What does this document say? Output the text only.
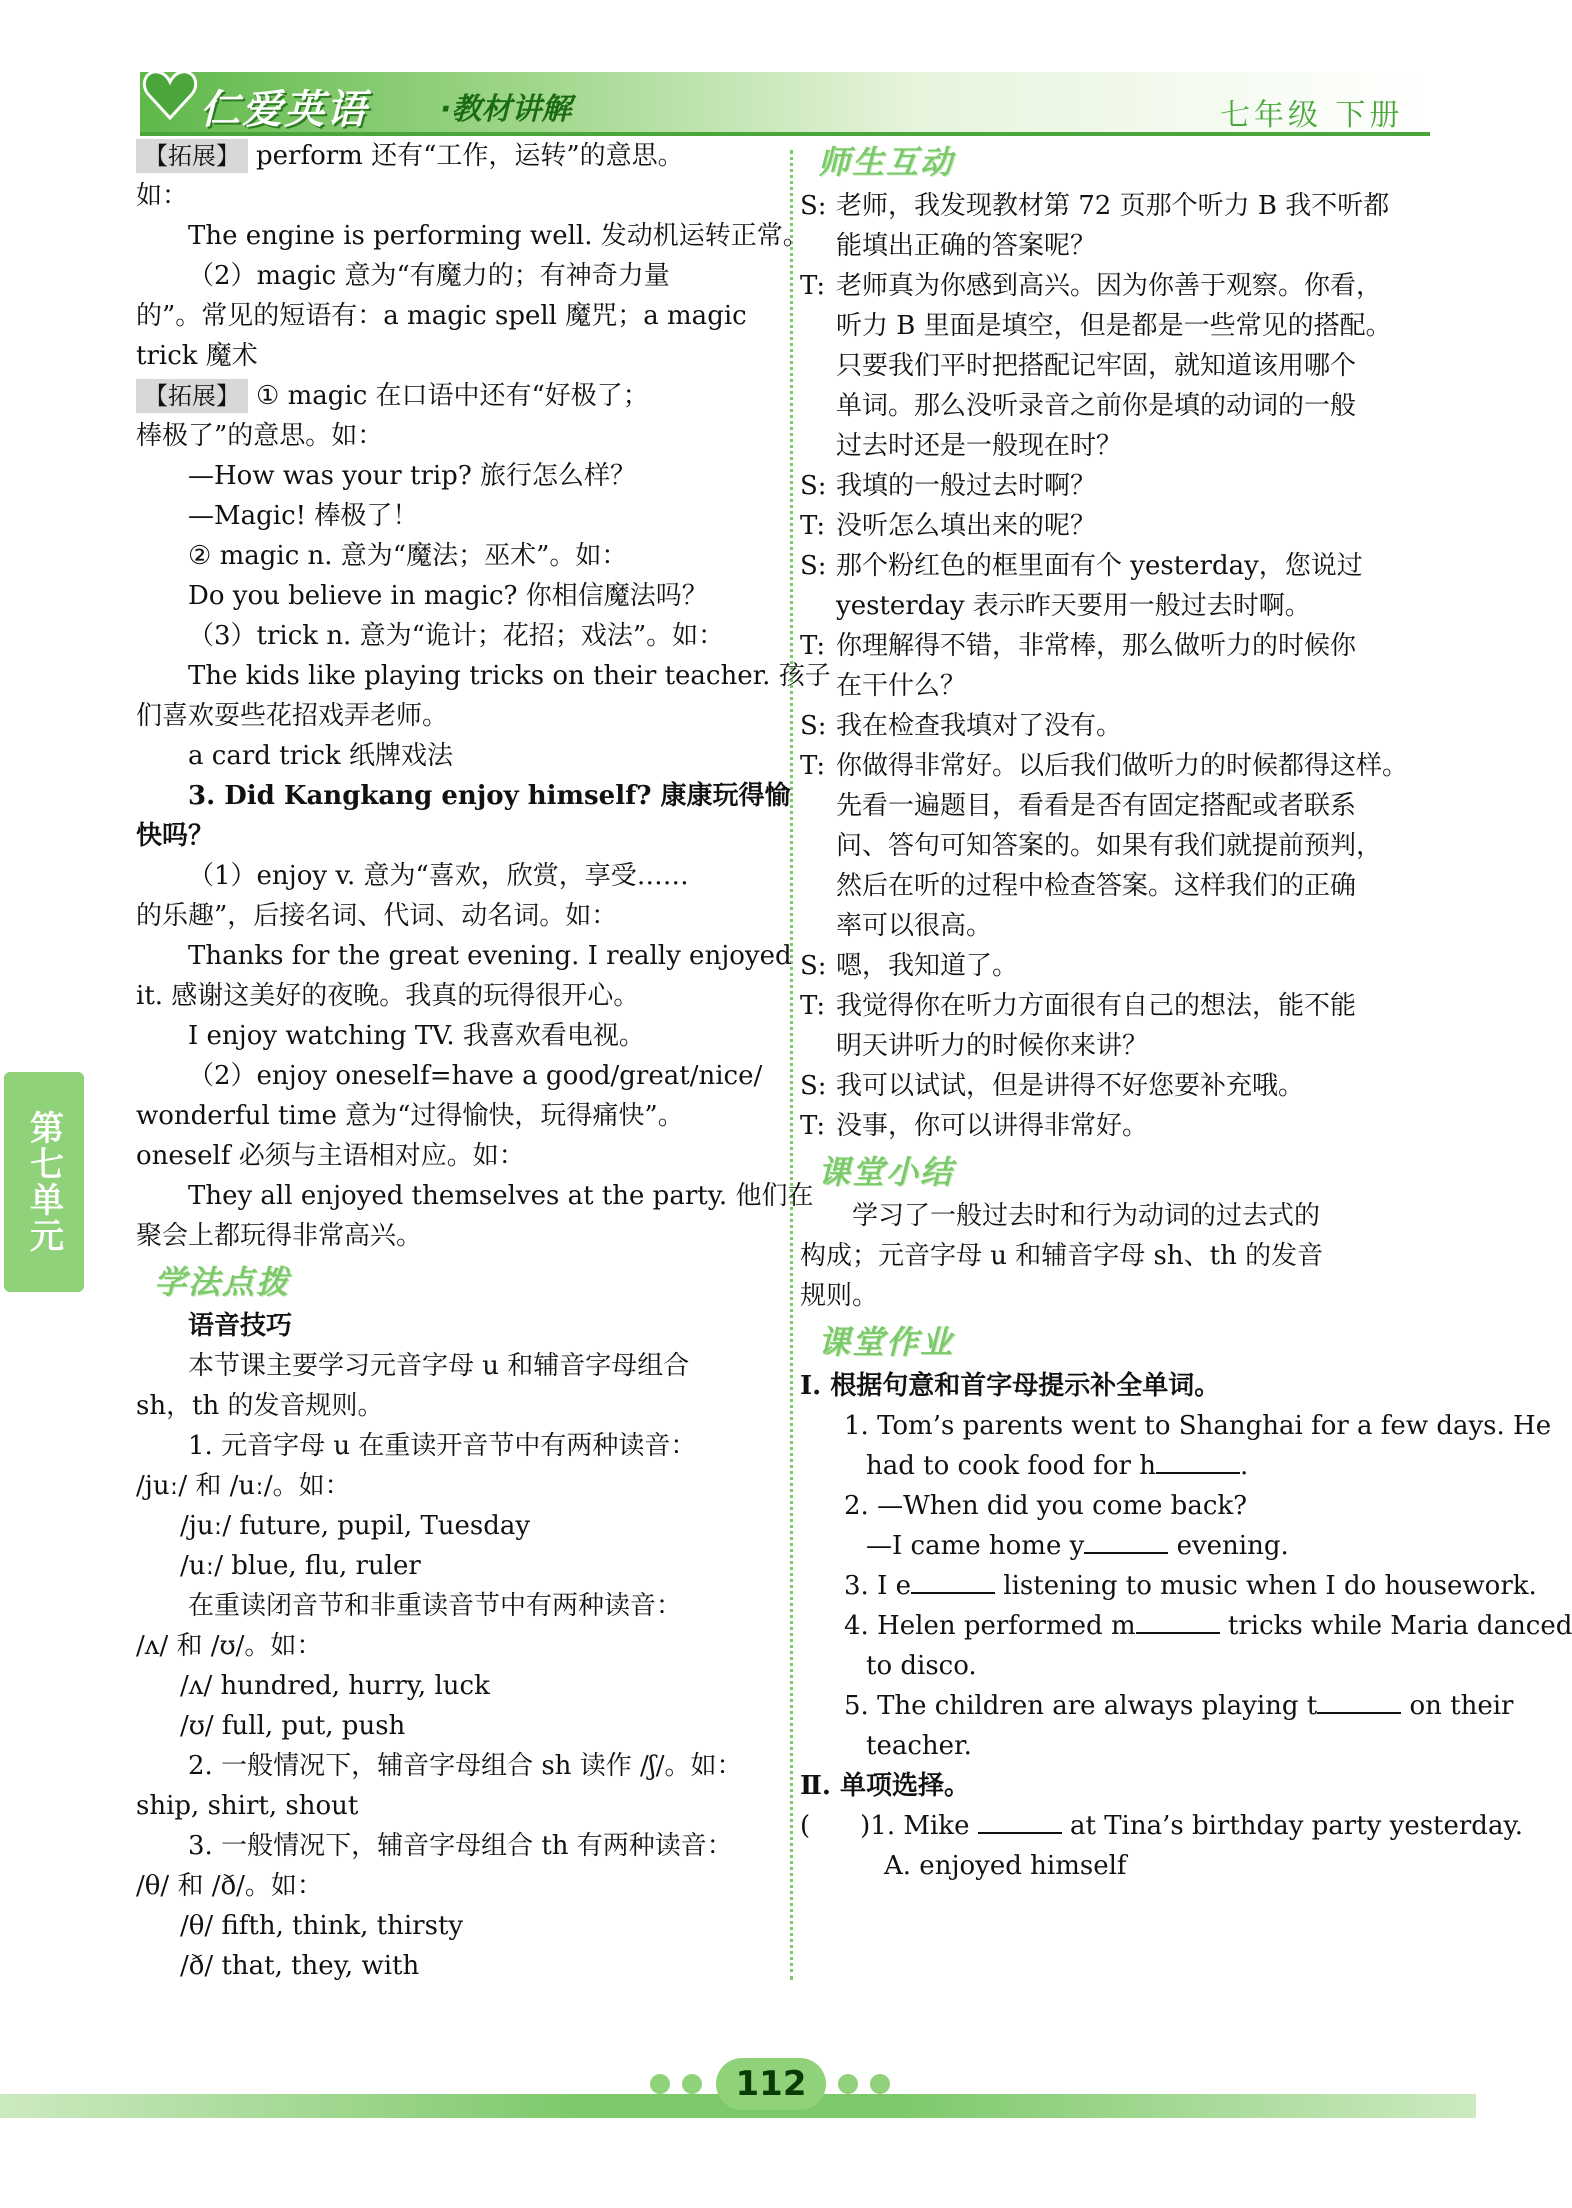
仁爱英语 ·教材讲解	七年级 下册
第七单元
【拓展】 perform 还有“工作，运转”的意思。
如：
The engine is performing well. 发动机运转正常。
（2）magic 意为“有魔力的；有神奇力量
的”。常见的短语有：a magic spell 魔咒；a magic
trick 魔术
【拓展】 ① magic 在口语中还有“好极了；
棒极了”的意思。如：
—How was your trip? 旅行怎么样？
—Magic! 棒极了！
② magic n. 意为“魔法；巫术”。如：
Do you believe in magic? 你相信魔法吗？
（3）trick n. 意为“诡计；花招；戏法”。如：
The kids like playing tricks on their teacher. 孩子
们喜欢耍些花招戏弄老师。
a card trick 纸牌戏法
3. Did Kangkang enjoy himself? 康康玩得愉
快吗？
（1）enjoy v. 意为“喜欢，欣赏，享受……
的乐趣”，后接名词、代词、动名词。如：
Thanks for the great evening. I really enjoyed
it. 感谢这美好的夜晚。我真的玩得很开心。
I enjoy watching TV. 我喜欢看电视。
（2）enjoy oneself=have a good/great/nice/
wonderful time 意为“过得愉快，玩得痛快”。
oneself 必须与主语相对应。如：
They all enjoyed themselves at the party. 他们在
聚会上都玩得非常高兴。
学法点拨
语音技巧
本节课主要学习元音字母 u 和辅音字母组合
sh，th 的发音规则。
1. 元音字母 u 在重读开音节中有两种读音：
/juː/ 和 /uː/。如：
/juː/ future, pupil, Tuesday
/uː/ blue, flu, ruler
在重读闭音节和非重读音节中有两种读音：
/ʌ/ 和 /ʊ/。如：
/ʌ/ hundred, hurry, luck
/ʊ/ full, put, push
2. 一般情况下，辅音字母组合 sh 读作 /ʃ/。如：
ship, shirt, shout
3. 一般情况下，辅音字母组合 th 有两种读音：
/θ/ 和 /ð/。如：
/θ/ fifth, think, thirsty
/ð/ that, they, with
师生互动
S: 老师，我发现教材第 72 页那个听力 B 我不听都
能填出正确的答案呢？
T: 老师真为你感到高兴。因为你善于观察。你看，
听力 B 里面是填空，但是都是一些常见的搭配。
只要我们平时把搭配记牢固，就知道该用哪个
单词。那么没听录音之前你是填的动词的一般
过去时还是一般现在时？
S: 我填的一般过去时啊？
T: 没听怎么填出来的呢？
S: 那个粉红色的框里面有个 yesterday，您说过
yesterday 表示昨天要用一般过去时啊。
T: 你理解得不错，非常棒，那么做听力的时候你
在干什么？
S: 我在检查我填对了没有。
T: 你做得非常好。以后我们做听力的时候都得这样。
先看一遍题目，看看是否有固定搭配或者联系
问、答句可知答案的。如果有我们就提前预判，
然后在听的过程中检查答案。这样我们的正确
率可以很高。
S: 嗯，我知道了。
T: 我觉得你在听力方面很有自己的想法，能不能
明天讲听力的时候你来讲？
S: 我可以试试，但是讲得不好您要补充哦。
T: 没事，你可以讲得非常好。
课堂小结
学习了一般过去时和行为动词的过去式的
构成；元音字母 u 和辅音字母 sh、th 的发音
规则。
课堂作业
Ⅰ. 根据句意和首字母提示补全单词。
1. Tom’s parents went to Shanghai for a few days. He
had to cook food for h	.
2. —When did you come back?
—I came home y	evening.
3. I e	listening to music when I do housework.
4. Helen performed m	tricks while Maria danced
to disco.
5. The children are always playing t	on their
teacher.
Ⅱ. 单项选择。
( )1. Mike	at Tina’s birthday party yesterday.
A. enjoyed himself
112
